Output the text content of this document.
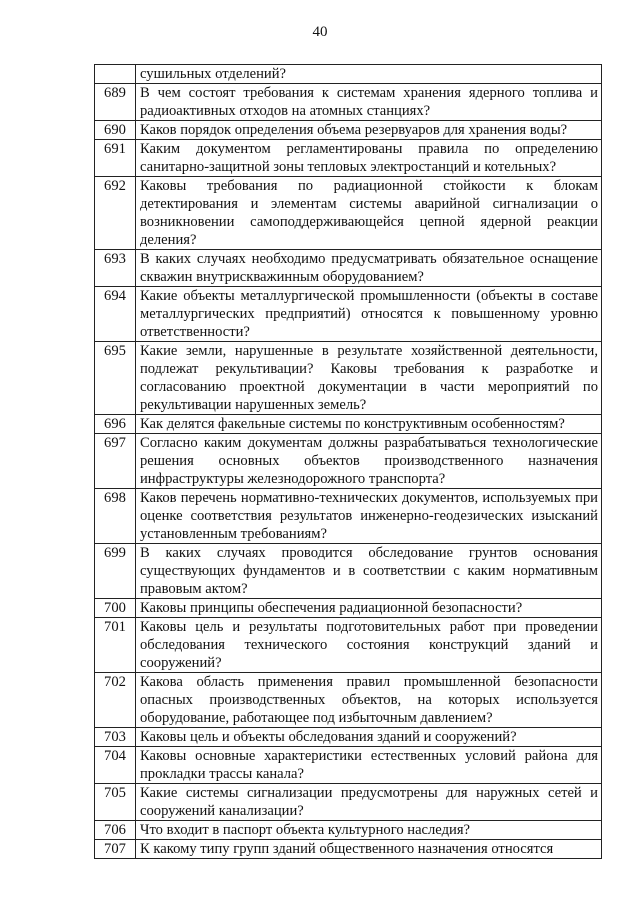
40
	сушильных отделений?
689	В чем состоят требования к системам хранения ядерного топлива и радиоактивных отходов на атомных станциях?
690	Каков порядок определения объема резервуаров для хранения воды?
691	Каким документом регламентированы правила по определению санитарно-защитной зоны тепловых электростанций и котельных?
692	Каковы требования по радиационной стойкости к блокам детектирования и элементам системы аварийной сигнализации о возникновении самоподдерживающейся цепной ядерной реакции деления?
693	В каких случаях необходимо предусматривать обязательное оснащение скважин внутрискважинным оборудованием?
694	Какие объекты металлургической промышленности (объекты в составе металлургических предприятий) относятся к повышенному уровню ответственности?
695	Какие земли, нарушенные в результате хозяйственной деятельности, подлежат рекультивации? Каковы требования к разработке и согласованию проектной документации в части мероприятий по рекультивации нарушенных земель?
696	Как делятся факельные системы по конструктивным особенностям?
697	Согласно каким документам должны разрабатываться технологические решения основных объектов производственного назначения инфраструктуры железнодорожного транспорта?
698	Каков перечень нормативно-технических документов, используемых при оценке соответствия результатов инженерно-геодезических изысканий установленным требованиям?
699	В каких случаях проводится обследование грунтов основания существующих фундаментов и в соответствии с каким нормативным правовым актом?
700	Каковы принципы обеспечения радиационной безопасности?
701	Каковы цель и результаты подготовительных работ при проведении обследования технического состояния конструкций зданий и сооружений?
702	Какова область применения правил промышленной безопасности опасных производственных объектов, на которых используется оборудование, работающее под избыточным давлением?
703	Каковы цель и объекты обследования зданий и сооружений?
704	Каковы основные характеристики естественных условий района для прокладки трассы канала?
705	Какие системы сигнализации предусмотрены для наружных сетей и сооружений канализации?
706	Что входит в паспорт объекта культурного наследия?
707	К какому типу групп зданий общественного назначения относятся
